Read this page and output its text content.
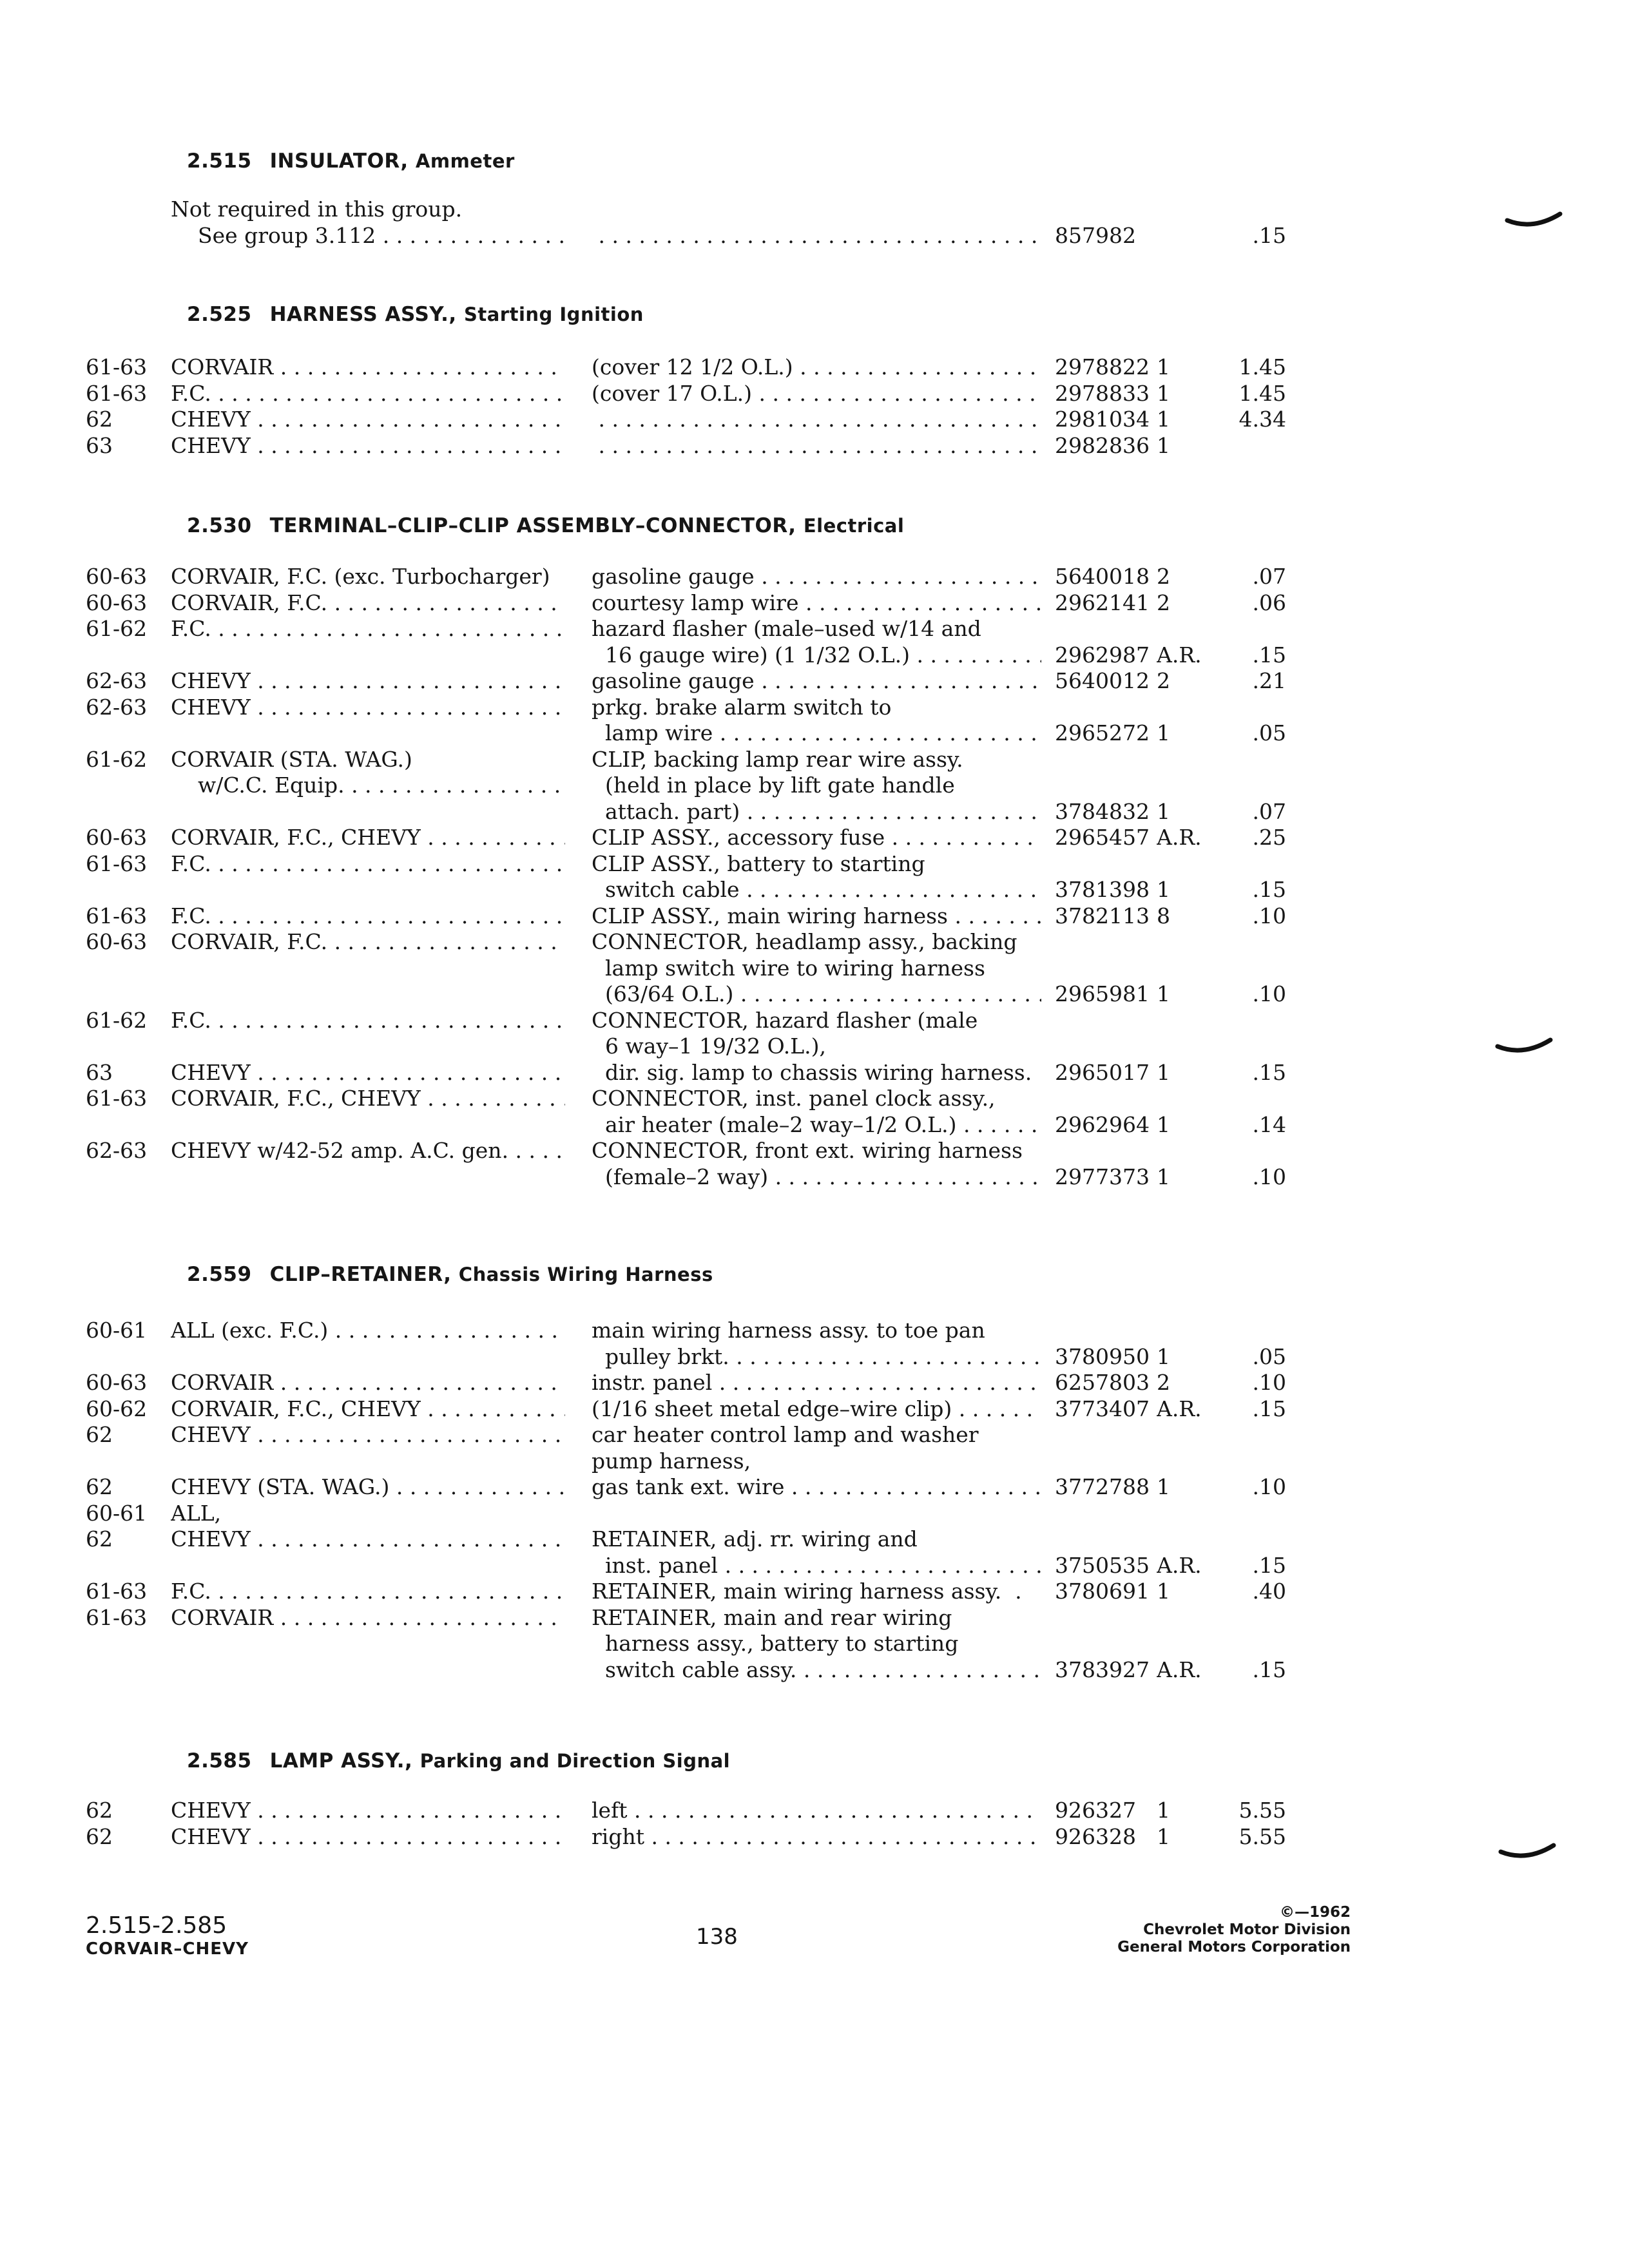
2.515 INSULATOR, Ammeter
Not required in this group.
See group 3.112 . . . . . .	857982	.15
2.525 HARNESS ASSY., Starting Ignition
61-63	CORVAIR . . .	(cover 12 1/2 O.L.) . . .	2978822 1	1.45
61-63	F.C. . . .	(cover 17 O.L.) . . .	2978833 1	1.45
62	CHEVY . . . . . .	2981034 1	4.34
63	CHEVY . . . . . .	2982836 1
2.530 TERMINAL–CLIP–CLIP ASSEMBLY–CONNECTOR, Electrical
60-63	CORVAIR, F.C. (exc. Turbocharger)	gasoline gauge . . .	5640018 2	.07
60-63	CORVAIR, F.C. . . .	courtesy lamp wire . . .	2962141 2	.06
61-62	F.C. . . .	hazard flasher (male–used w/14 and
16 gauge wire) (1 1/32 O.L.) . . .	2962987 A.R.	.15
62-63	CHEVY . . .	gasoline gauge . . .	5640012 2	.21
62-63	CHEVY . . .	prkg. brake alarm switch to
lamp wire . . .	2965272 1	.05
61-62	CORVAIR (STA. WAG.)	CLIP, backing lamp rear wire assy.
w/C.C. Equip. . . .	(held in place by lift gate handle
attach. part) . . .	3784832 1	.07
60-63	CORVAIR, F.C., CHEVY . . .	CLIP ASSY., accessory fuse . . .	2965457 A.R.	.25
61-63	F.C. . . .	CLIP ASSY., battery to starting
switch cable . . .	3781398 1	.15
61-63	F.C. . . .	CLIP ASSY., main wiring harness . . .	3782113 8	.10
60-63	CORVAIR, F.C. . . .	CONNECTOR, headlamp assy., backing
lamp switch wire to wiring harness
(63/64 O.L.) . . .	2965981 1	.10
61-62	F.C. . . .	CONNECTOR, hazard flasher (male
6 way–1 19/32 O.L.),
63	CHEVY . . .	dir. sig. lamp to chassis wiring harness.	2965017 1	.15
61-63	CORVAIR, F.C., CHEVY . . .	CONNECTOR, inst. panel clock assy.,
air heater (male–2 way–1/2 O.L.) . . .	2962964 1	.14
62-63	CHEVY w/42-52 amp. A.C. gen. . . .	CONNECTOR, front ext. wiring harness
(female–2 way) . . .	2977373 1	.10
2.559 CLIP–RETAINER, Chassis Wiring Harness
60-61	ALL (exc. F.C.) . . .	main wiring harness assy. to toe pan
pulley brkt. . . .	3780950 1	.05
60-63	CORVAIR . . .	instr. panel . . .	6257803 2	.10
60-62	CORVAIR, F.C., CHEVY . . .	(1/16 sheet metal edge–wire clip) . . .	3773407 A.R.	.15
62	CHEVY . . .	car heater control lamp and washer
pump harness,
62	CHEVY (STA. WAG.) . . .	gas tank ext. wire . . .	3772788 1	.10
60-61	ALL,
62	CHEVY . . .	RETAINER, adj. rr. wiring and
inst. panel . . .	3750535 A.R.	.15
61-63	F.C. . . .	RETAINER, main wiring harness assy.  .	3780691 1	.40
61-63	CORVAIR . . .	RETAINER, main and rear wiring
harness assy., battery to starting
switch cable assy. . . .	3783927 A.R.	.15
2.585 LAMP ASSY., Parking and Direction Signal
62	CHEVY . . .	left . . .	926327 1	5.55
62	CHEVY . . .	right . . .	926328 1	5.55
2.515-2.585
CORVAIR–CHEVY	138
©—1962
Chevrolet Motor Division
General Motors Corporation
